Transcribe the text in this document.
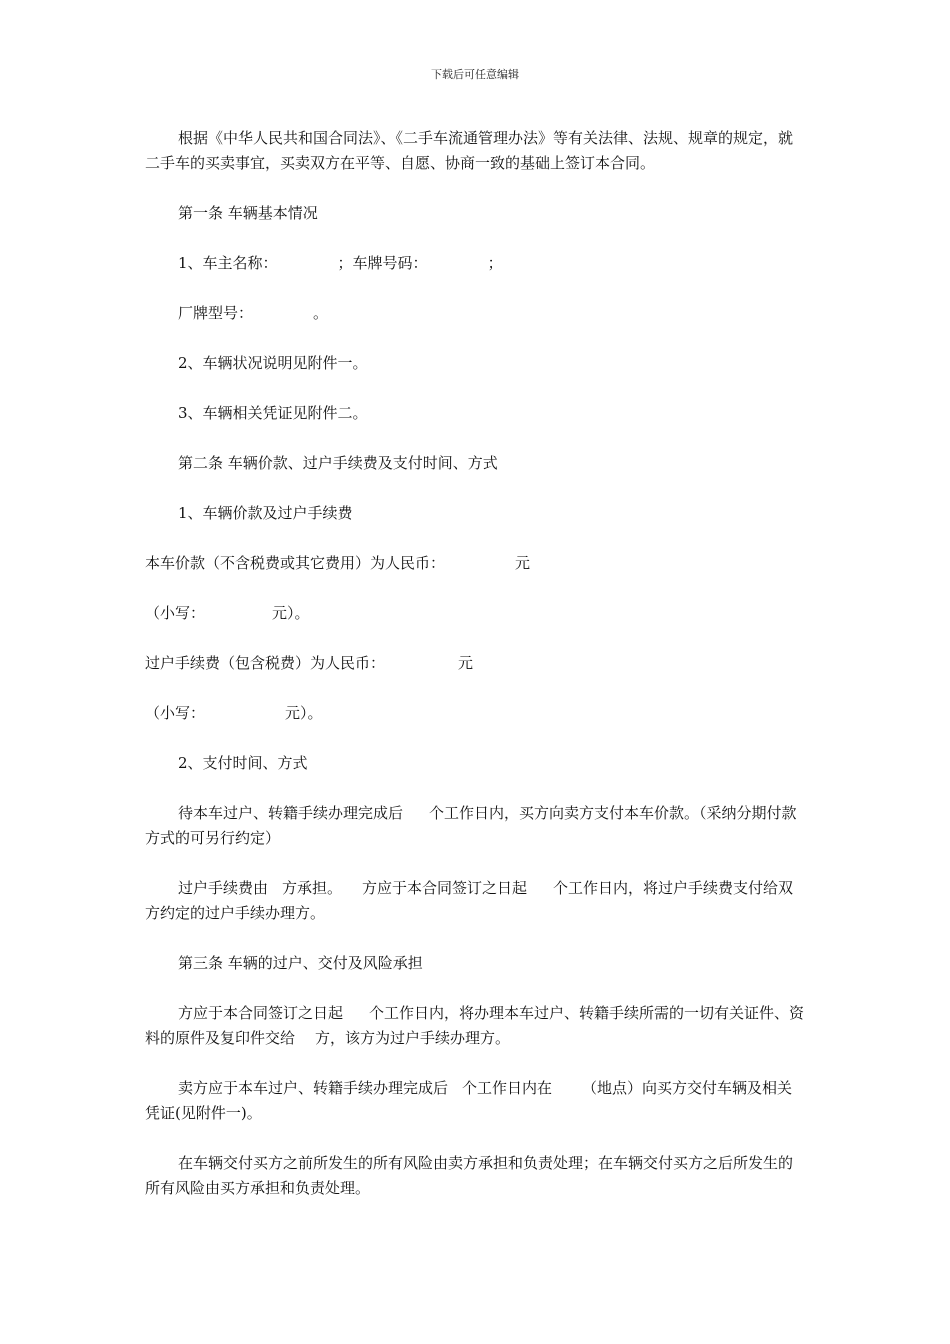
下载后可任意编辑

根据《中华人民共和国合同法》、《二手车流通管理办法》等有关法律、法规、规章的规定，就二手车的买卖事宜，买卖双方在平等、自愿、协商一致的基础上签订本合同。

第一条 车辆基本情况

1、车主名称：	；车牌号码：	；

厂牌型号：	。

2、车辆状况说明见附件一。

3、车辆相关凭证见附件二。

第二条 车辆价款、过户手续费及支付时间、方式

1、车辆价款及过户手续费

本车价款（不含税费或其它费用）为人民币：	元

（小写：	元）。

过户手续费（包含税费）为人民币：	元

（小写：	元）。

2、支付时间、方式

待本车过户、转籍手续办理完成后 个工作日内，买方向卖方支付本车价款。（采纳分期付款方式的可另行约定）

过户手续费由 方承担。 方应于本合同签订之日起 个工作日内，将过户手续费支付给双方约定的过户手续办理方。

第三条 车辆的过户、交付及风险承担

方应于本合同签订之日起 个工作日内，将办理本车过户、转籍手续所需的一切有关证件、资料的原件及复印件交给 方，该方为过户手续办理方。

卖方应于本车过户、转籍手续办理完成后 个工作日内在 （地点）向买方交付车辆及相关凭证(见附件一)。

在车辆交付买方之前所发生的所有风险由卖方承担和负责处理；在车辆交付买方之后所发生的所有风险由买方承担和负责处理。
